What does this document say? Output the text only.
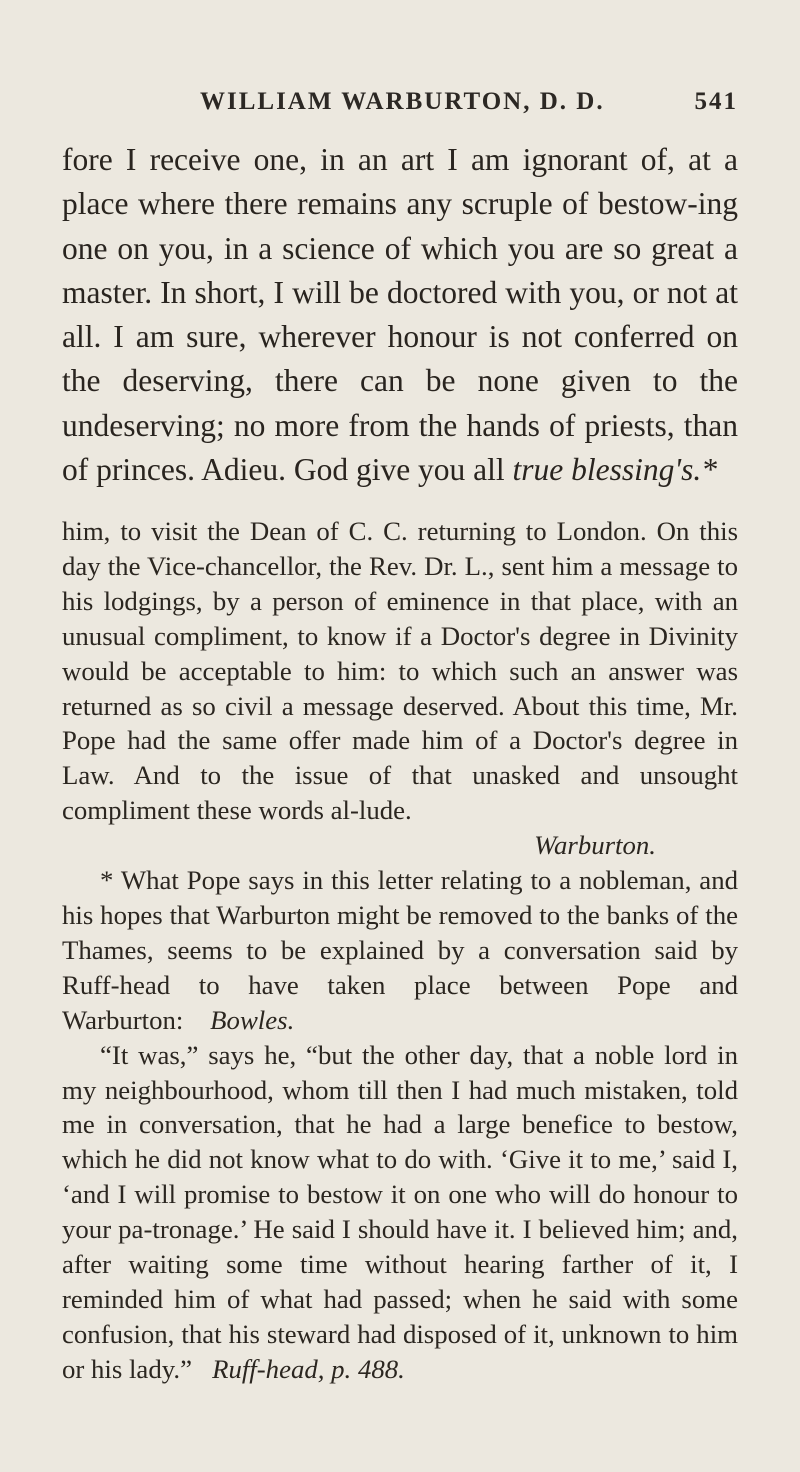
WILLIAM WARBURTON, D. D.	541

fore I receive one, in an art I am ignorant of, at a place where there remains any scruple of bestow-ing one on you, in a science of which you are so great a master. In short, I will be doctored with you, or not at all. I am sure, wherever honour is not conferred on the deserving, there can be none given to the undeserving; no more from the hands of priests, than of princes. Adieu. God give you all true blessing's.*

him, to visit the Dean of C. C. returning to London. On this day the Vice-chancellor, the Rev. Dr. L., sent him a message to his lodgings, by a person of eminence in that place, with an unusual compliment, to know if a Doctor's degree in Divinity would be acceptable to him: to which such an answer was returned as so civil a message deserved. About this time, Mr. Pope had the same offer made him of a Doctor's degree in Law. And to the issue of that unasked and unsought compliment these words al-lude.
Warburton.

* What Pope says in this letter relating to a nobleman, and his hopes that Warburton might be removed to the banks of the Thames, seems to be explained by a conversation said by Ruff-head to have taken place between Pope and Warburton: Bowles.

“It was,” says he, “but the other day, that a noble lord in my neighbourhood, whom till then I had much mistaken, told me in conversation, that he had a large benefice to bestow, which he did not know what to do with. ‘Give it to me,’ said I, ‘and I will promise to bestow it on one who will do honour to your pa-tronage.’ He said I should have it. I believed him; and, after waiting some time without hearing farther of it, I reminded him of what had passed; when he said with some confusion, that his steward had disposed of it, unknown to him or his lady.” Ruff-head, p. 488.
